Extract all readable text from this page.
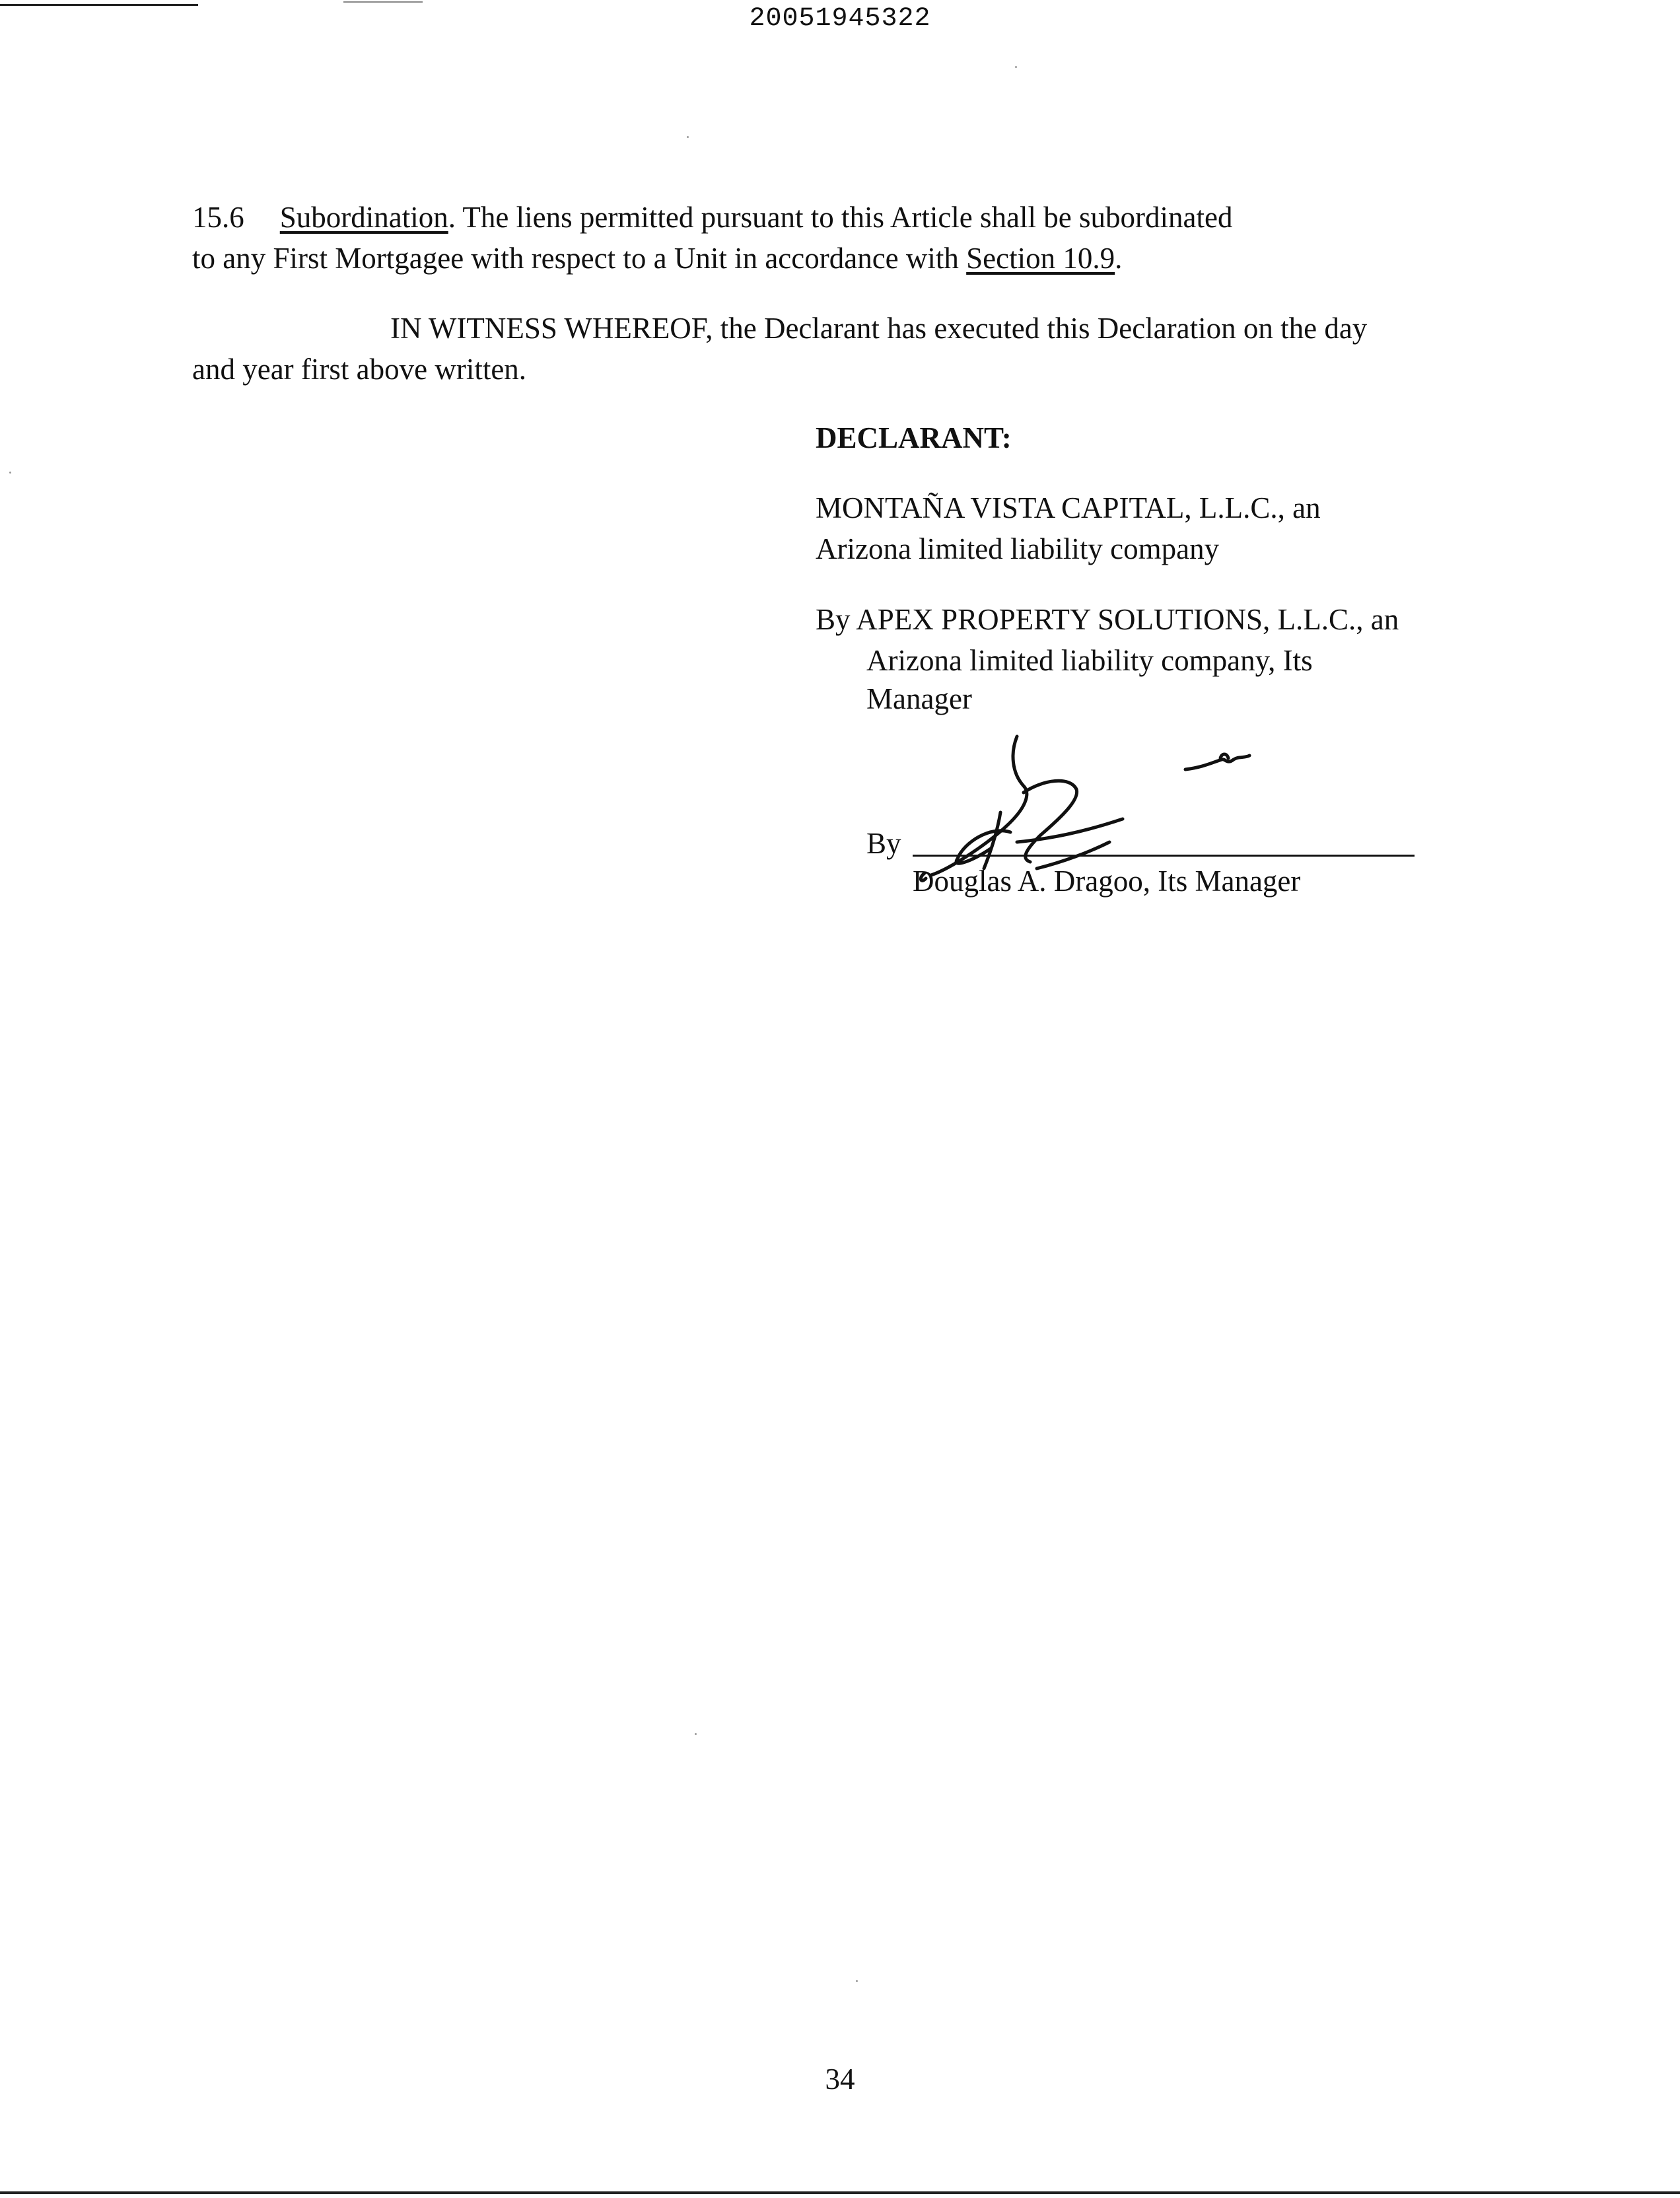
20051945322
15.6 Subordination. The liens permitted pursuant to this Article shall be subordinated
to any First Mortgagee with respect to a Unit in accordance with Section 10.9.
IN WITNESS WHEREOF, the Declarant has executed this Declaration on the day
and year first above written.
DECLARANT:
MONTAÑA VISTA CAPITAL, L.L.C., an
Arizona limited liability company
By APEX PROPERTY SOLUTIONS, L.L.C., an
Arizona limited liability company, Its
Manager
By
Douglas A. Dragoo, Its Manager
34
